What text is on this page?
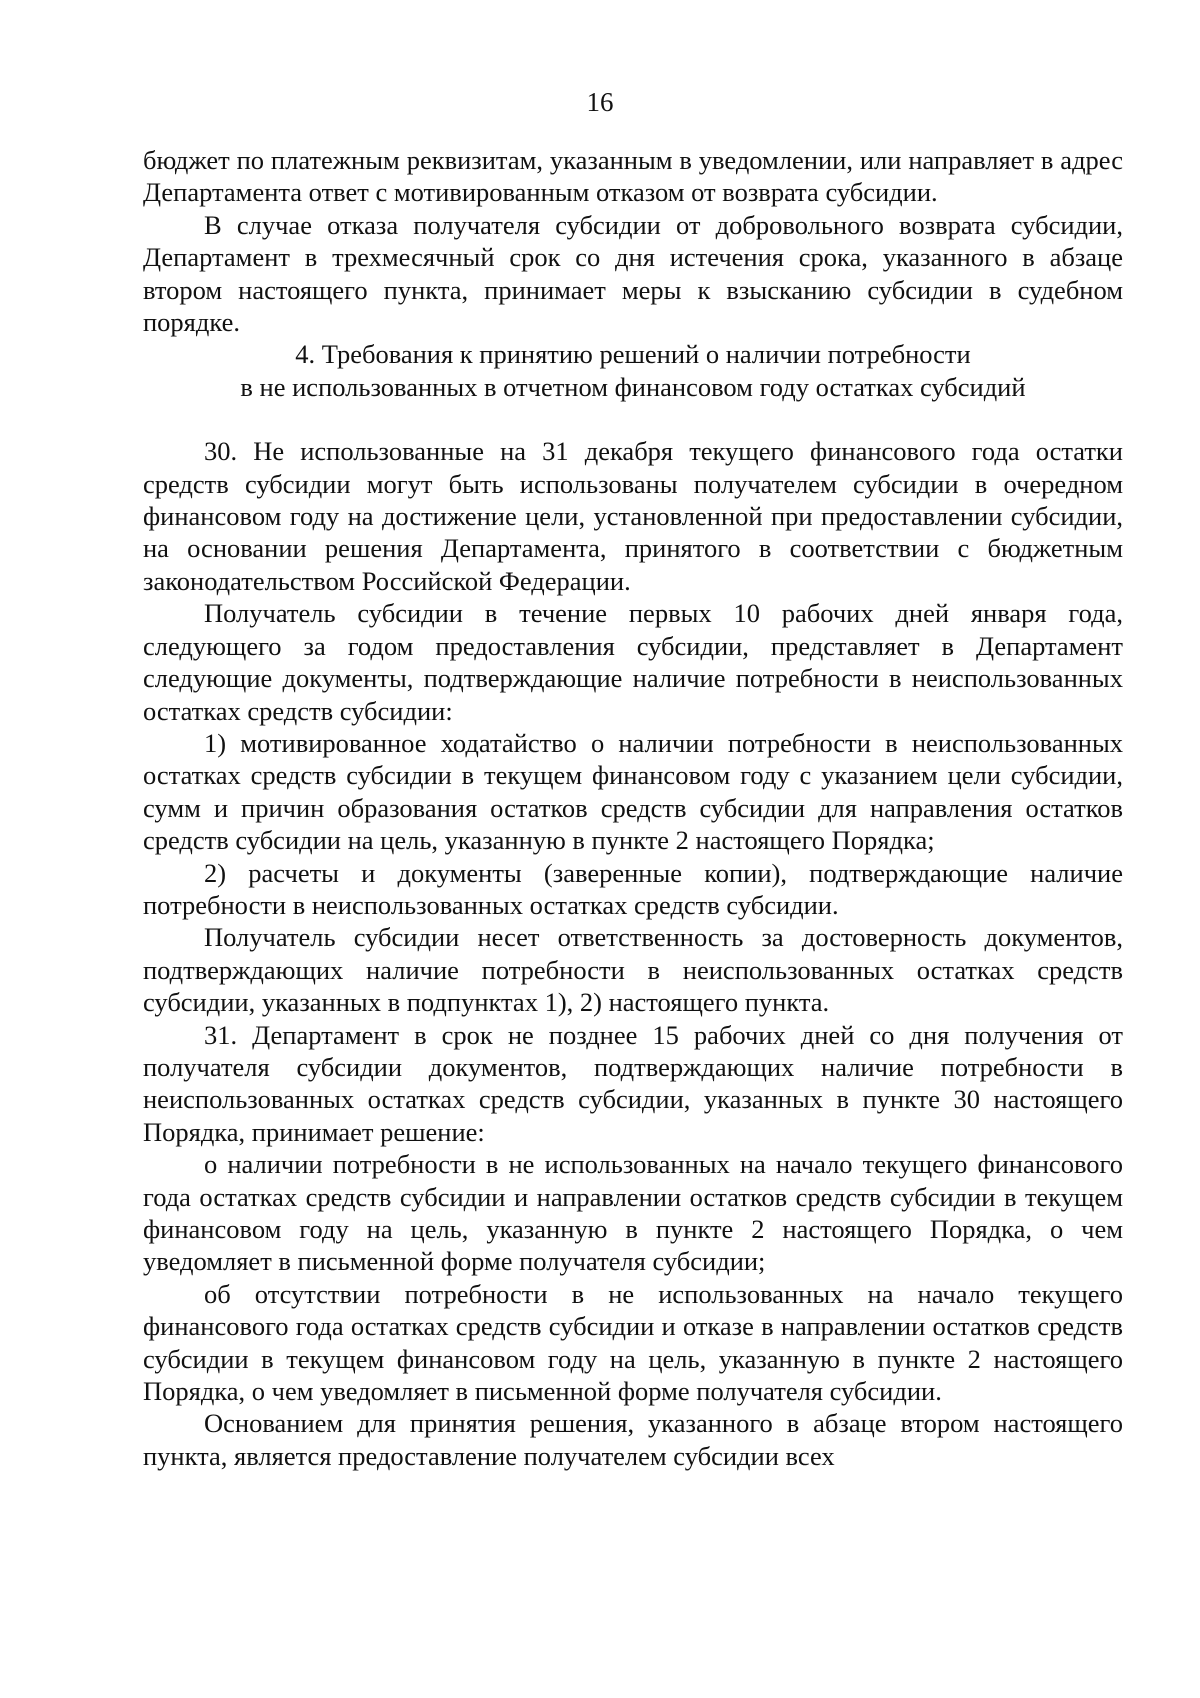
16

бюджет по платежным реквизитам, указанным в уведомлении, или направляет в адрес Департамента ответ с мотивированным отказом от возврата субсидии.

В случае отказа получателя субсидии от добровольного возврата субсидии, Департамент в трехмесячный срок со дня истечения срока, указанного в абзаце втором настоящего пункта, принимает меры к взысканию субсидии в судебном порядке.

4. Требования к принятию решений о наличии потребности

в не использованных в отчетном финансовом году остатках субсидий

30. Не использованные на 31 декабря текущего финансового года остатки средств субсидии могут быть использованы получателем субсидии в очередном финансовом году на достижение цели, установленной при предоставлении субсидии, на основании решения Департамента, принятого в соответствии с бюджетным законодательством Российской Федерации.

Получатель субсидии в течение первых 10 рабочих дней января года, следующего за годом предоставления субсидии, представляет в Департамент следующие документы, подтверждающие наличие потребности в неиспользованных остатках средств субсидии:

1) мотивированное ходатайство о наличии потребности в неиспользованных остатках средств субсидии в текущем финансовом году с указанием цели субсидии, сумм и причин образования остатков средств субсидии для направления остатков средств субсидии на цель, указанную в пункте 2 настоящего Порядка;

2) расчеты и документы (заверенные копии), подтверждающие наличие потребности в неиспользованных остатках средств субсидии.

Получатель субсидии несет ответственность за достоверность документов, подтверждающих наличие потребности в неиспользованных остатках средств субсидии, указанных в подпунктах 1), 2) настоящего пункта.

31. Департамент в срок не позднее 15 рабочих дней со дня получения от получателя субсидии документов, подтверждающих наличие потребности в неиспользованных остатках средств субсидии, указанных в пункте 30 настоящего Порядка, принимает решение:

о наличии потребности в не использованных на начало текущего финансового года остатках средств субсидии и направлении остатков средств субсидии в текущем финансовом году на цель, указанную в пункте 2 настоящего Порядка, о чем уведомляет в письменной форме получателя субсидии;

об отсутствии потребности в не использованных на начало текущего финансового года остатках средств субсидии и отказе в направлении остатков средств субсидии в текущем финансовом году на цель, указанную в пункте 2 настоящего Порядка, о чем уведомляет в письменной форме получателя субсидии.

Основанием для принятия решения, указанного в абзаце втором настоящего пункта, является предоставление получателем субсидии всех
